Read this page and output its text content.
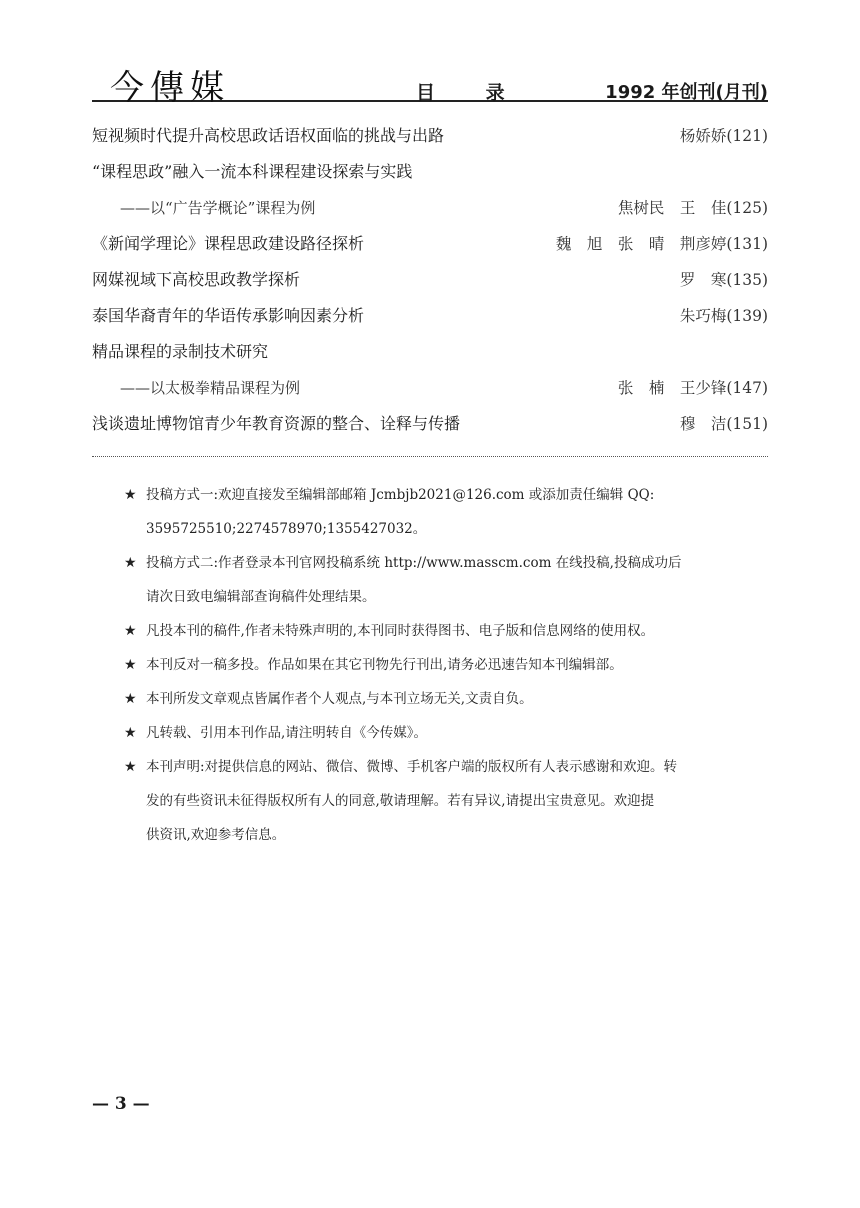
今傳媒	目 录	1992 年创刊(月刊)
短视频时代提升高校思政话语权面临的挑战与出路	杨娇娇(121)
“课程思政”融入一流本科课程建设探索与实践
——以“广告学概论”课程为例	焦树民　王　佳(125)
《新闻学理论》课程思政建设路径探析	魏　旭　张　晴　荆彦婷(131)
网媒视域下高校思政教学探析	罗　寒(135)
泰国华裔青年的华语传承影响因素分析	朱巧梅(139)
精品课程的录制技术研究
——以太极拳精品课程为例	张　楠　王少锋(147)
浅谈遗址博物馆青少年教育资源的整合、诠释与传播	穆　洁(151)
★ 投稿方式一:欢迎直接发至编辑部邮箱 Jcmbjb2021@126.com 或添加责任编辑 QQ:
3595725510;2274578970;1355427032。
★ 投稿方式二:作者登录本刊官网投稿系统 http://www.masscm.com 在线投稿,投稿成功后
请次日致电编辑部查询稿件处理结果。
★ 凡投本刊的稿件,作者未特殊声明的,本刊同时获得图书、电子版和信息网络的使用权。
★ 本刊反对一稿多投。作品如果在其它刊物先行刊出,请务必迅速告知本刊编辑部。
★ 本刊所发文章观点皆属作者个人观点,与本刊立场无关,文责自负。
★ 凡转载、引用本刊作品,请注明转自《今传媒》。
★ 本刊声明:对提供信息的网站、微信、微博、手机客户端的版权所有人表示感谢和欢迎。转
发的有些资讯未征得版权所有人的同意,敬请理解。若有异议,请提出宝贵意见。欢迎提
供资讯,欢迎参考信息。
— 3 —
